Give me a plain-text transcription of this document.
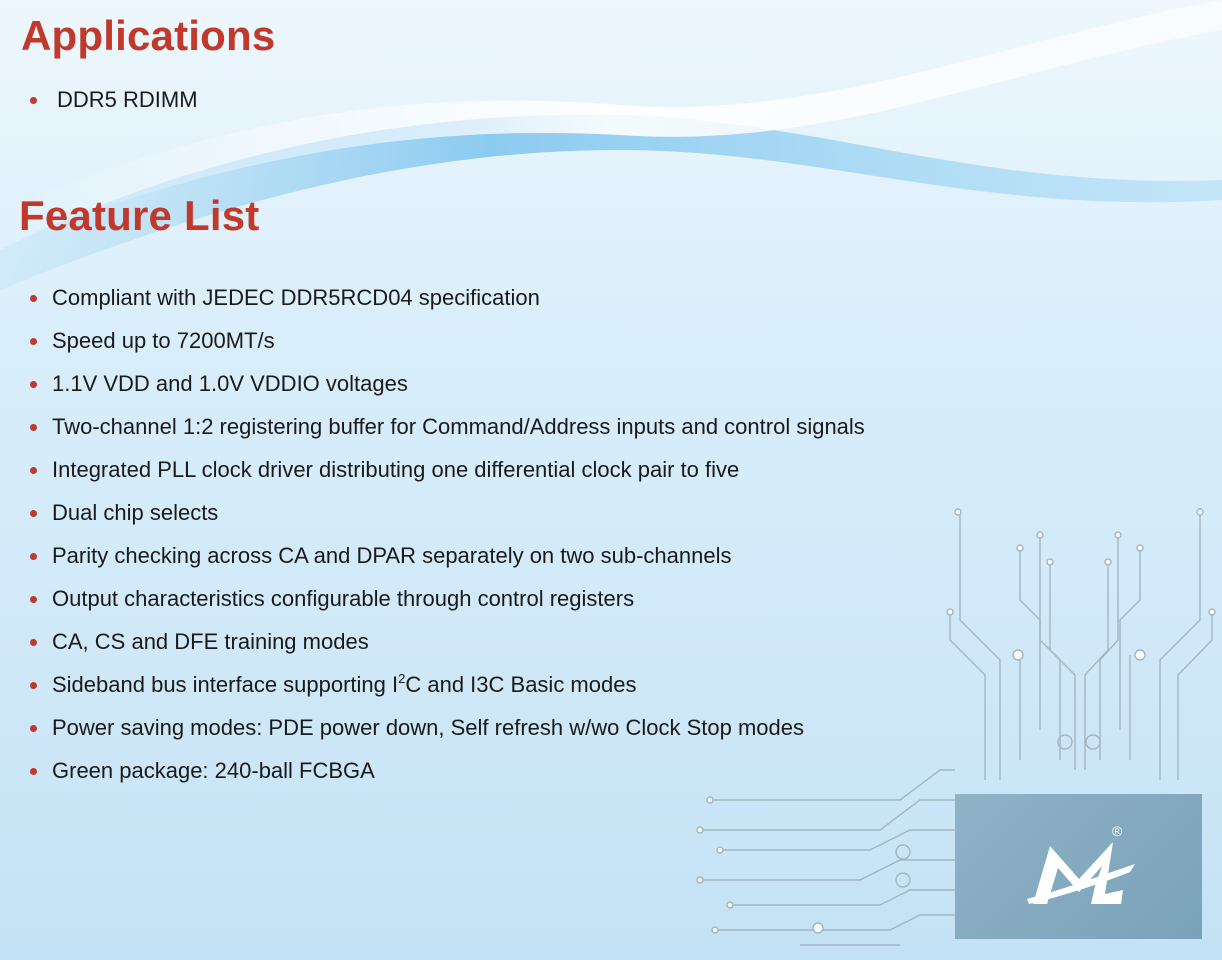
Applications
DDR5 RDIMM
Feature List
Compliant with JEDEC DDR5RCD04 specification
Speed up to 7200MT/s
1.1V VDD and 1.0V VDDIO voltages
Two-channel 1:2 registering buffer for Command/Address inputs and control signals
Integrated PLL clock driver distributing one differential clock pair to five
Dual chip selects
Parity checking across CA and DPAR separately on two sub-channels
Output characteristics configurable through control registers
CA, CS and DFE training modes
Sideband bus interface supporting $I^2C$ and I3C Basic modes
Power saving modes: PDE power down, Self refresh w/wo Clock Stop modes
Green package: 240-ball FCBGA
®
